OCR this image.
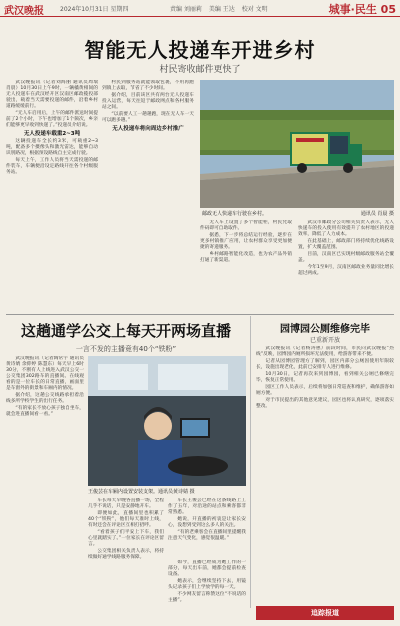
武汉晚报	2024年10月31日 星期四	责编 刘丽莉 美编 王达 校对 文明	城事·民生 05
智能无人投递车开进乡村
村民寄收邮件更快了

武汉晚报讯（记者刘海丽 通讯员周瑞 肖晨）10月30日上午9时，一辆橘黄相间的无人投递车在武汉经开区汉南区邮政揽投部驶出，载着当天需要投递的邮件，沿着乡村道路缓缓前行。

“无人车启用后，上午的邮件派送时间提前了2个小时，下午也增加了1个频次，乡亲们能够更早收到快递了。”投递员介绍说。

无人投递车载重2~3吨

这辆投递车全长约3米，可载重2~3吨，配备多个摄像头和激光雷达，能够自动识别路况，根据预设路线自主完成行驶。

每天上午，工作人员将当天需投递的邮件装车，车辆便沿设定路线开往各个村级服务站。

村民到服务站就能领取包裹，不用再跑到镇上去取，节省了不少时间。

据介绍，目前该区共有两台无人投递车投入运营，每天往返于邮政网点和各村服务站之间。

“以前要人工一趟趟跑，现在无人车一天可以跑多趟。”

无人投递车将向周边乡村推广
邮政无人快递车行驶在乡村。	通讯员 肖晨 摄

无人车上设置了多个智能柜，村民凭取件码即可自助取件。

据悉，下一步将总结运行经验，逐步在更多村镇推广应用，让农村群众享受更加便捷的寄递服务。

乡村邮路智能化改造，也为农产品外销打通了新渠道。

武汉市邮政分公司相关负责人表示，无人快递车的投入使用有效提升了农村地区的投递效率，降低了人力成本。

在此基础上，邮政部门将持续优化线路设置，扩大覆盖范围。

目前，汉南区已实现村级邮政服务站全覆盖。

今年1至9月，汉南区邮政业务量同比增长超过两成。

这趟通学公交上每天开两场直播
一言不发的主播竟有40个“铁粉”

武汉晚报讯（记者陶常宇 通讯员黄诗婧 余仰婷 陈慧东）每天早上6时30分，不断有人上线进入武汉公交一公交集团302路车的直播间。在线观看的是一位车长的日常直播，画面里是车窗外的街景和车厢内的情况。

据介绍，这趟公交线路承担着沿线多所学校学生的出行任务。

“有的家长不放心孩子独自坐车，就会进直播间看一看。”

王俊芸在车厢内设置安装支架。通讯员黄诗婧 摄

车长每天早晚各直播一场，全程几乎不说话，只是安静地开车。

即便如此，直播间里也积累了40个“铁粉”，他们每天准时上线，有时还会在评论区互相打招呼。

“看着孩子们平安上下车，我们心里就踏实了。”一位家长在评论区留言。

公交集团相关负责人表示，将持续做好通学线路服务保障。

车长王俊芸已经在这条线路上工作了五年，对沿途的站点和乘客都非常熟悉。

她说，开直播的初衷是让家长安心，没想到受到这么多人的关注。

“有的老乘客会在直播间里提醒我注意天气变化，感觉很温暖。”

如今，直播已经成为她工作的一部分，每天出车前，她都会提前检查设备。

她表示，会继续坚持下去，用镜头记录孩子们上学放学的每一天。

不少网友留言称赞这位“不说话的主播”。

园博园公厕维修完毕
已重新开放

武汉晚报讯（记者杨涛惠）前段时间，市民向武汉晚报“热线”反映，园博园内厕所损坏无法使用，给游客带来不便。

记者从园博园管理方了解到，园区内部分公厕因使用年限较长，设施出现老化，此前已安排专人进行维修。

10月30日，记者再次来到园博园，看到相关公厕已修缮完毕，恢复正常使用。

园区工作人员表示，后续将加强日常巡查和维护，确保游客如厕方便。

对于市民提出的其他意见建议，园区也将认真研究，逐项落实整改。

追踪报道
